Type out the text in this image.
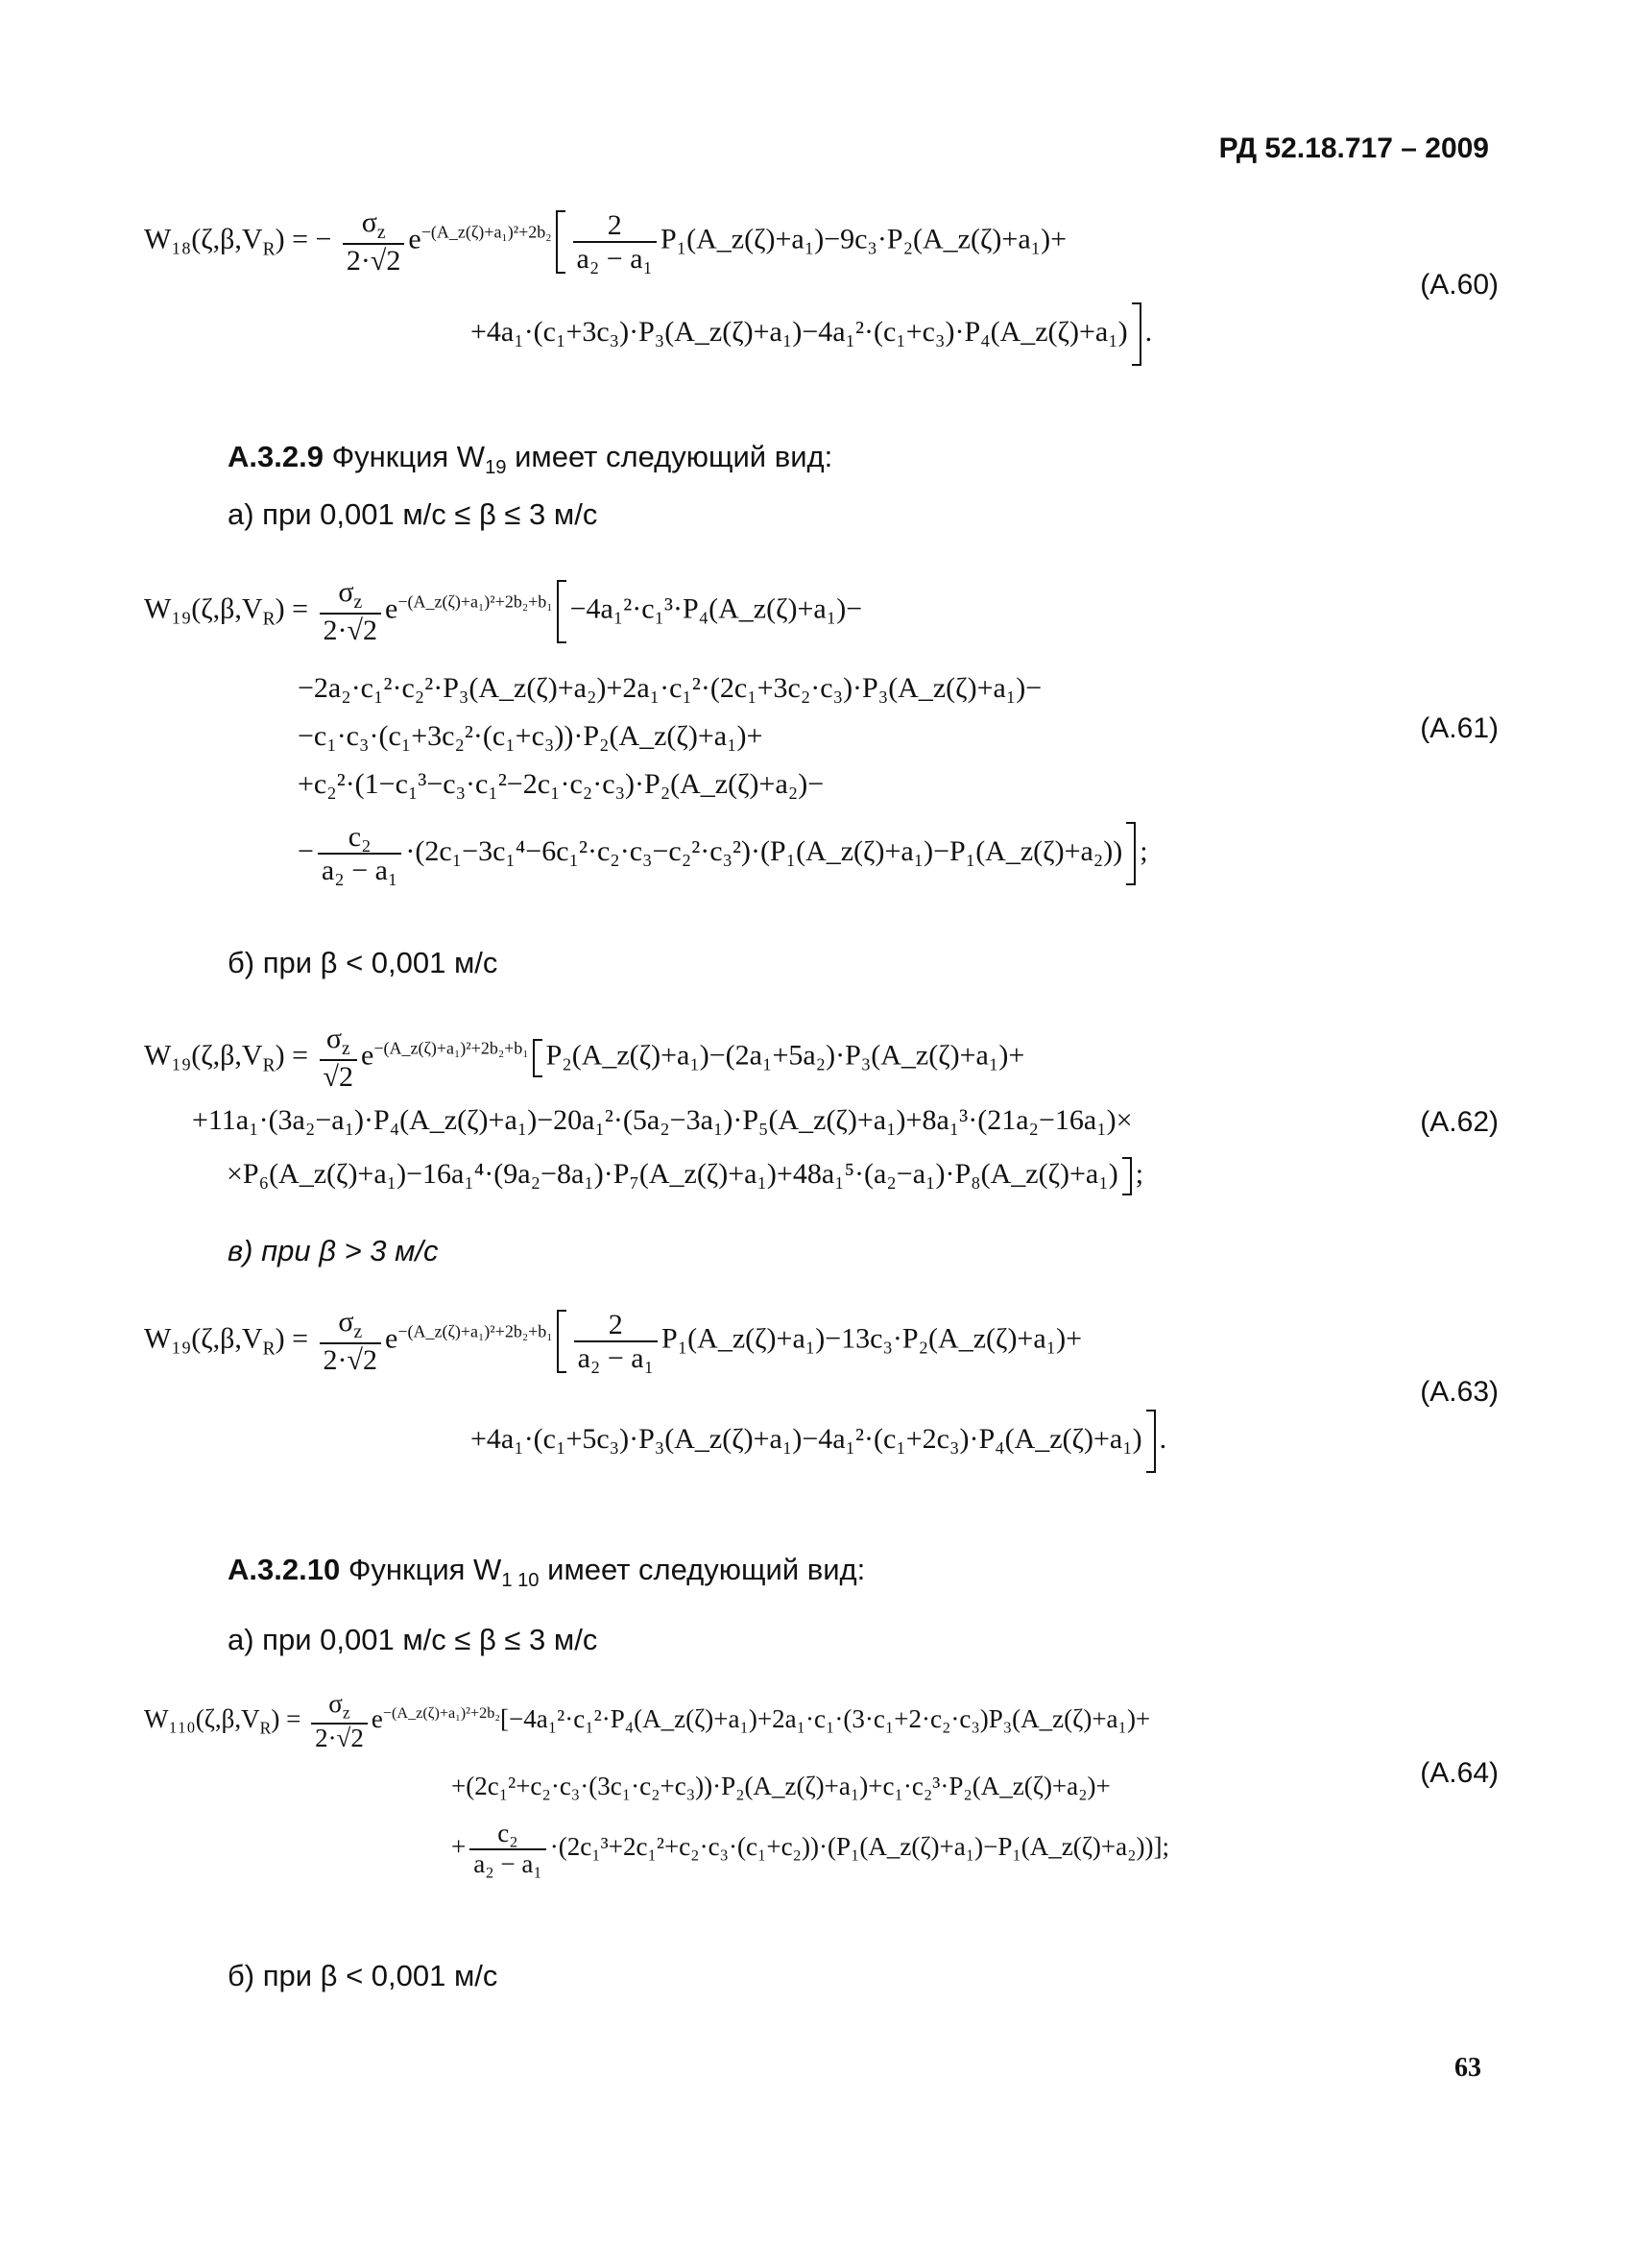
РД 52.18.717 – 2009
$W_{18}(\zeta,\beta,V_R)$ = − $\frac{\sigma_z}{2\cdot√2} e^{-(A\_z(\zeta)+a_1)^2+2b_2} \frac{2}{\text{a₂ − a₁}}$ P₁(A_z(ζ)+a₁)−9c₃·P₂(A_z(ζ)+a₁)+
+4a₁·(c₁+3c₃)·P₃(A_z(ζ)+a₁)−4a₁²·(c₁+c₃)·P₄(A_z(ζ)+a₁) .
(A.60)
А.3.2.9 Функция $W_{19}$ имеет следующий вид:
а) при 0,001 м/с ≤ β ≤ 3 м/с
$W_{19}(\zeta,\beta,V_R) = \frac{\sigma_z}{2\cdot√2} e^{-(A\_z(\zeta)+a_1)^2+2b_2+b_1}$ −4a₁²·c₁³·P₄(A_z(ζ)+a₁)−
−2a₂·c₁²·c₂²·P₃(A_z(ζ)+a₂)+2a₁·c₁²·(2c₁+3c₂·c₃)·P₃(A_z(ζ)+a₁)−
−c₁·c₃·(c₁+3c₂²·(c₁+c₃))·P₂(A_z(ζ)+a₁)+
+c₂²·(1−c₁³−c₃·c₁²−2c₁·c₂·c₃)·P₂(A_z(ζ)+a₂)−
− $\frac{\text{c₂}}{\text{a₂ − a₁}}$ ·(2c₁−3c₁⁴−6c₁²·c₂·c₃−c₂²·c₃²)·(P₁(A_z(ζ)+a₁)−P₁(A_z(ζ)+a₂)) ;
(A.61)
б) при β < 0,001 м/с
$W_{19}(\zeta,\beta,V_R) = \frac{\sigma_z}{√2} e^{-(A\_z(\zeta)+a_1)^2+2b_2+b_1}$ P₂(A_z(ζ)+a₁)−(2a₁+5a₂)·P₃(A_z(ζ)+a₁)+
+11a₁·(3a₂−a₁)·P₄(A_z(ζ)+a₁)−20a₁²·(5a₂−3a₁)·P₅(A_z(ζ)+a₁)+8a₁³·(21a₂−16a₁)×
×P₆(A_z(ζ)+a₁)−16a₁⁴·(9a₂−8a₁)·P₇(A_z(ζ)+a₁)+48a₁⁵·(a₂−a₁)·P₈(A_z(ζ)+a₁) ;
(A.62)
в) при β > 3 м/с
$W_{19}(\zeta,\beta,V_R) = \frac{\sigma_z}{2\cdot√2} e^{-(A\_z(\zeta)+a_1)^2+2b_2+b_1} \frac{2}{\text{a₂ − a₁}}$ P₁(A_z(ζ)+a₁)−13c₃·P₂(A_z(ζ)+a₁)+
+4a₁·(c₁+5c₃)·P₃(A_z(ζ)+a₁)−4a₁²·(c₁+2c₃)·P₄(A_z(ζ)+a₁) .
(A.63)
А.3.2.10 Функция $W_{1 10}$ имеет следующий вид:
а) при 0,001 м/с ≤ β ≤ 3 м/с
$W_{110}(\zeta,\beta,V_R) = \frac{\sigma_z}{2\cdot√2}$ $e^{-(A\_z(\zeta)+a_1)^2+2b_2}[-4a_1^2\cdot c_1^2\cdot P_4(A\_z(\zeta)+a_1)+2a_1\cdot c_1\cdot(3\cdot c_1+2\cdot c_2\cdot c_3)P_3(A\_z(\zeta)+a_1)+$
+(2c₁²+c₂·c₃·(3c₁·c₂+c₃))·P₂(A_z(ζ)+a₁)+c₁·c₂³·P₂(A_z(ζ)+a₂)+
+ $\frac{\text{c₂}}{\text{a₂ − a₁}}$ ·(2c₁³+2c₁²+c₂·c₃·(c₁+c₂))·(P₁(A_z(ζ)+a₁)−P₁(A_z(ζ)+a₂))];
(A.64)
б) при β < 0,001 м/с
63
